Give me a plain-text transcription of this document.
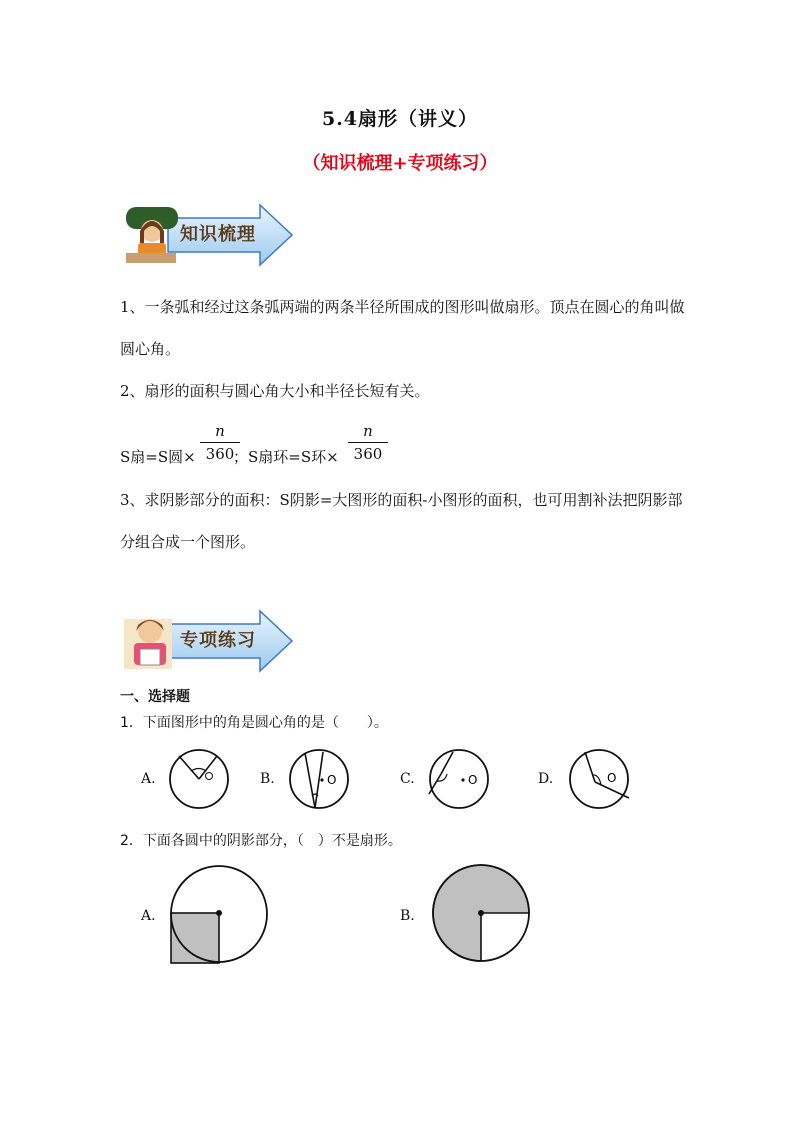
5.4扇形（讲义）
（知识梳理+专项练习）
知识梳理
1、一条弧和经过这条弧两端的两条半径所围成的图形叫做扇形。顶点在圆心的角叫做圆心角。
2、扇形的面积与圆心角大小和半径长短有关。
S扇=S圆×
n
360
；S扇环=S环×
n
360
3、求阴影部分的面积：S阴影=大图形的面积-小图形的面积，也可用割补法把阴影部分组合成一个图形。
专项练习
一、选择题
1．下面图形中的角是圆心角的是（　　）。
A.	B.	O	C.	O	D.	O
2．下面各圆中的阴影部分，（　）不是扇形。
A.	B.
